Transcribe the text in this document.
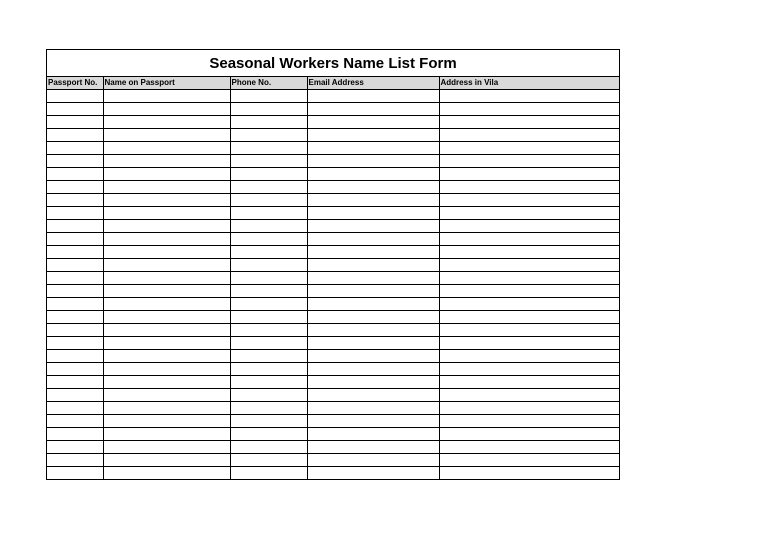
Seasonal Workers Name List Form
Passport No.	Name on Passport	Phone No.	Email Address	Address in Vila
